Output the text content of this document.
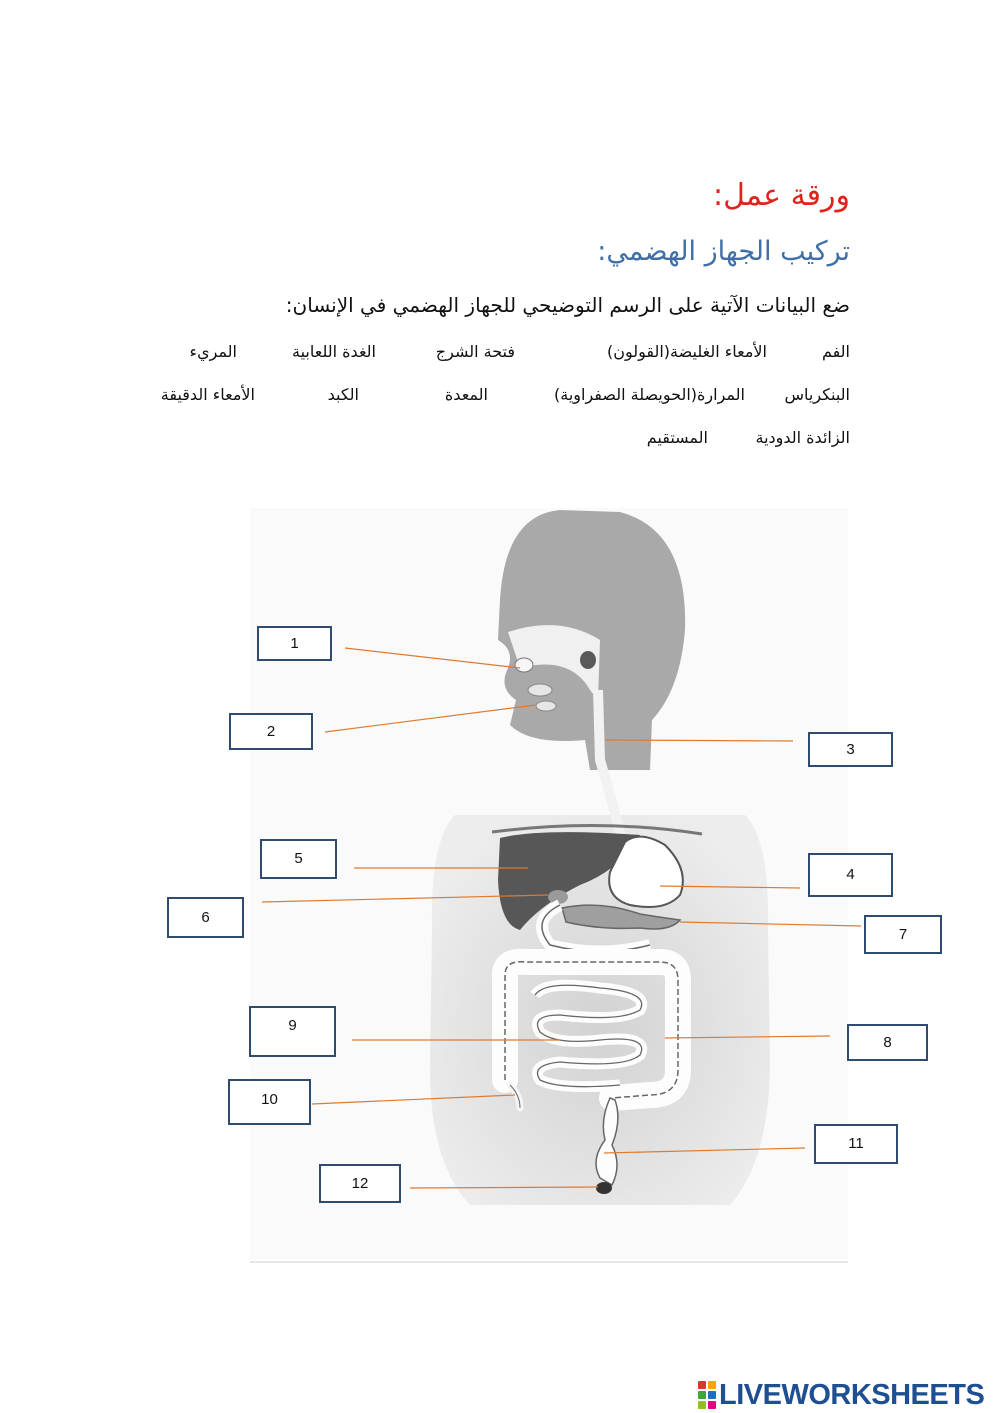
ورقة عمل:
تركيب الجهاز الهضمي:
ضع البيانات الآتية على الرسم التوضيحي للجهاز الهضمي في الإنسان:
الفم
الأمعاء الغليضة(القولون)
فتحة الشرج
الغدة اللعابية
المريء
البنكرياس
المرارة(الحويصلة الصفراوية)
المعدة
الكبد
الأمعاء الدقيقة
الزائدة الدودية
المستقيم
1
2
3
4
5
6
7
8
9
10
11
12
LIVEWORKSHEETS
